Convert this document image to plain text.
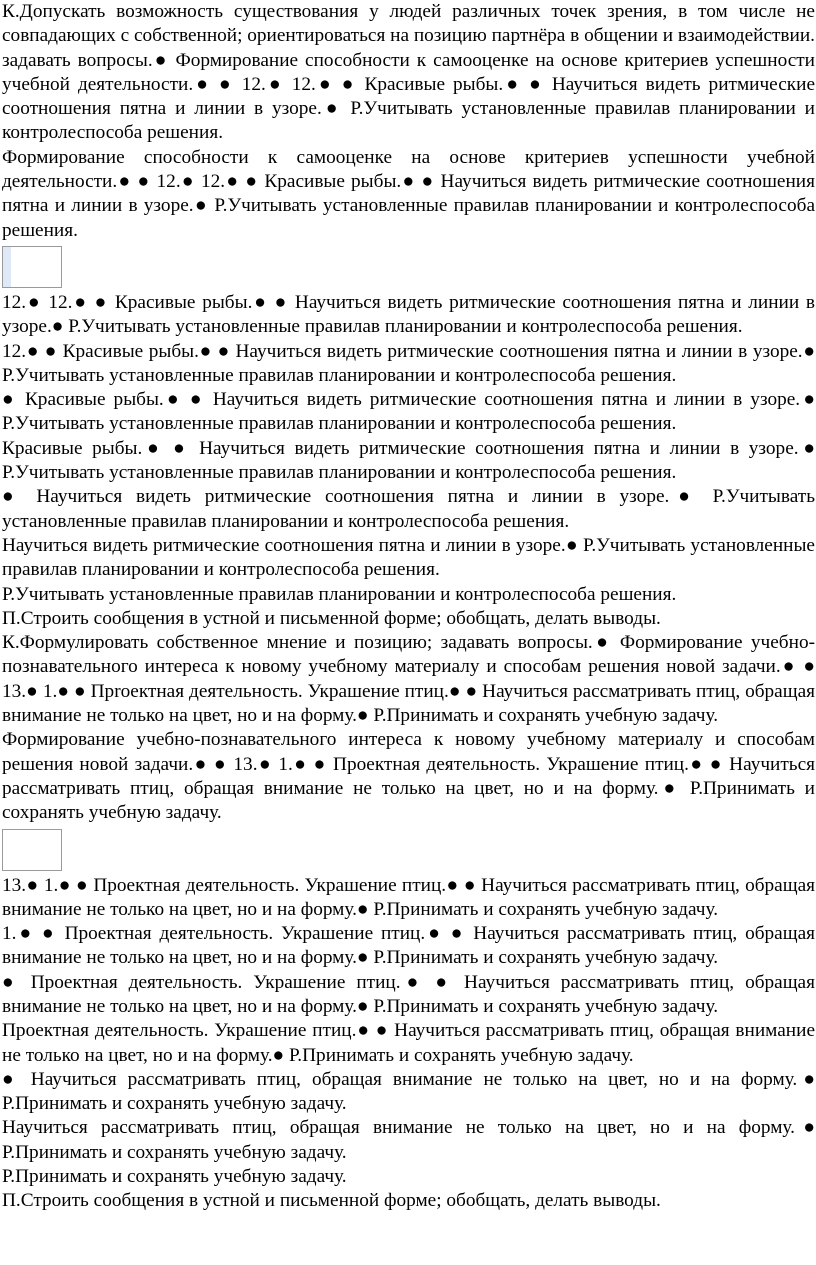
К.Допускать возможность существования у людей различных точек зрения, в том числе не совпадающих с собственной; ориентироваться на позицию партнёра в общении и взаимодействии. задавать вопросы.● Формирование способности к самооценке на основе критериев успешности учебной деятельности.● ● 12.● 12.● ● Красивые рыбы.● ● Научиться видеть ритмические соотношения пятна и линии в узоре.● Р.Учитывать установленные правилав планировании и контролеспособа решения.

Формирование способности к самооценке на основе критериев успешности учебной деятельности.● ● 12.● 12.● ● Красивые рыбы.● ● Научиться видеть ритмические соотношения пятна и линии в узоре.● Р.Учитывать установленные правилав планировании и контролеспособа решения.

12.● 12.● ● Красивые рыбы.● ● Научиться видеть ритмические соотношения пятна и линии в узоре.● Р.Учитывать установленные правилав планировании и контролеспособа решения.

12.● ● Красивые рыбы.● ● Научиться видеть ритмические соотношения пятна и линии в узоре.● Р.Учитывать установленные правилав планировании и контролеспособа решения.

● Красивые рыбы.● ● Научиться видеть ритмические соотношения пятна и линии в узоре.● Р.Учитывать установленные правилав планировании и контролеспособа решения.

Красивые рыбы.● ● Научиться видеть ритмические соотношения пятна и линии в узоре.● Р.Учитывать установленные правилав планировании и контролеспособа решения.

● Научиться видеть ритмические соотношения пятна и линии в узоре.● Р.Учитывать установленные правилав планировании и контролеспособа решения.

Научиться видеть ритмические соотношения пятна и линии в узоре.● Р.Учитывать установленные правилав планировании и контролеспособа решения.

Р.Учитывать установленные правилав планировании и контролеспособа решения.

П.Строить сообщения в устной и письменной форме; обобщать, делать выводы.

К.Формулировать собственное мнение и позицию; задавать вопросы.● Формирование учебно-познавательного интереса к новому учебному материалу и способам решения новой задачи.● ● 13.● 1.● ● Пproектная деятельность. Украшение птиц.● ● Научиться рассматривать птиц, обращая внимание не только на цвет, но и на форму.● Р.Принимать и сохранять учебную задачу.

Формирование учебно-познавательного интереса к новому учебному материалу и способам решения новой задачи.● ● 13.● 1.● ● Пpoектная деятельность. Украшение птиц.● ● Научиться рассматривать птиц, обращая внимание не только на цвет, но и на форму.● Р.Принимать и сохранять учебную задачу.

13.● 1.● ● Пpoектная деятельность. Украшение птиц.● ● Научиться рассматривать птиц, обращая внимание не только на цвет, но и на форму.● Р.Принимать и сохранять учебную задачу.

1.● ● Пpoектная деятельность. Украшение птиц.● ● Научиться рассматривать птиц, обращая внимание не только на цвет, но и на форму.● Р.Принимать и сохранять учебную задачу.

● Пpoектная деятельность. Украшение птиц.● ● Научиться рассматривать птиц, обращая внимание не только на цвет, но и на форму.● Р.Принимать и сохранять учебную задачу.

Пpoектная деятельность. Украшение птиц.● ● Научиться рассматривать птиц, обращая внимание не только на цвет, но и на форму.● Р.Принимать и сохранять учебную задачу.

● Научиться рассматривать птиц, обращая внимание не только на цвет, но и на форму.● Р.Принимать и сохранять учебную задачу.

Научиться рассматривать птиц, обращая внимание не только на цвет, но и на форму.● Р.Принимать и сохранять учебную задачу.

Р.Принимать и сохранять учебную задачу.

П.Строить сообщения в устной и письменной форме; обобщать, делать выводы.
